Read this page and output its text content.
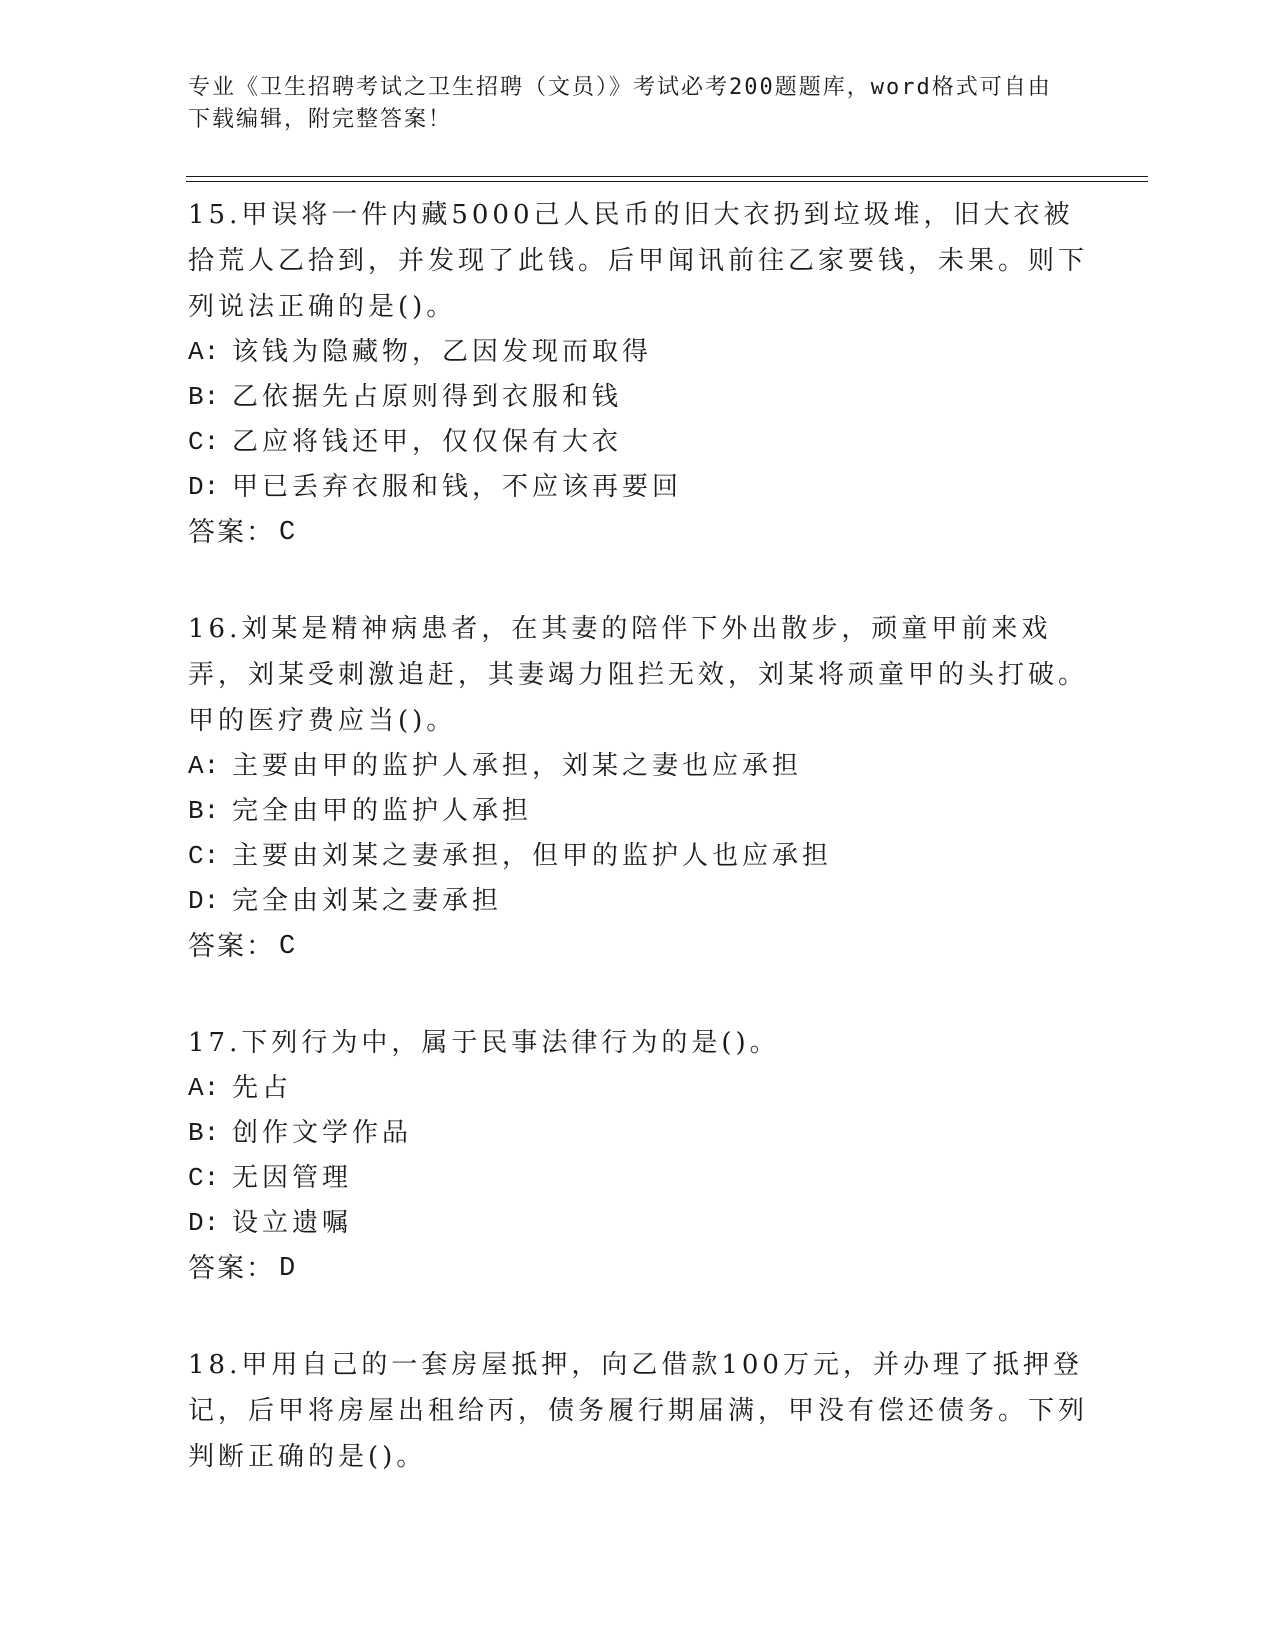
专业《卫生招聘考试之卫生招聘（文员）》考试必考200题题库，word格式可自由下载编辑，附完整答案！
15.甲误将一件内藏5000己人民币的旧大衣扔到垃圾堆，旧大衣被拾荒人乙拾到，并发现了此钱。后甲闻讯前往乙家要钱，未果。则下列说法正确的是()。
A: 该钱为隐藏物，乙因发现而取得
B: 乙依据先占原则得到衣服和钱
C: 乙应将钱还甲，仅仅保有大衣
D: 甲已丢弃衣服和钱，不应该再要回
答案： C
16.刘某是精神病患者，在其妻的陪伴下外出散步，顽童甲前来戏弄，刘某受刺激追赶，其妻竭力阻拦无效，刘某将顽童甲的头打破。甲的医疗费应当()。
A: 主要由甲的监护人承担，刘某之妻也应承担
B: 完全由甲的监护人承担
C: 主要由刘某之妻承担，但甲的监护人也应承担
D: 完全由刘某之妻承担
答案： C
17.下列行为中，属于民事法律行为的是()。
A: 先占
B: 创作文学作品
C: 无因管理
D: 设立遗嘱
答案： D
18.甲用自己的一套房屋抵押，向乙借款100万元，并办理了抵押登记，后甲将房屋出租给丙，债务履行期届满，甲没有偿还债务。下列判断正确的是()。
